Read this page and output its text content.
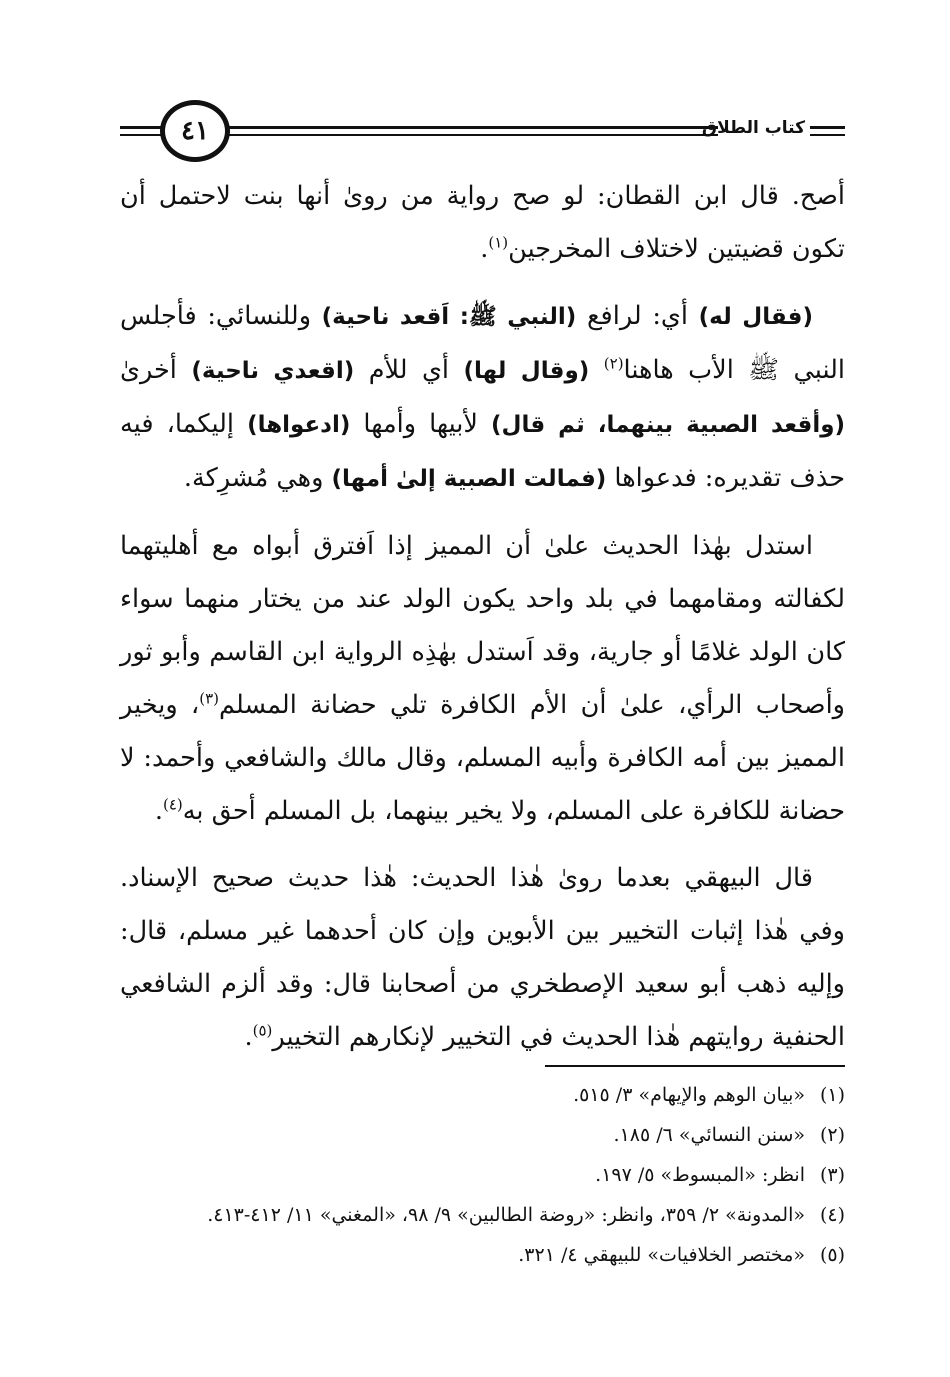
٤١	كتاب الطلاق

أصح. قال ابن القطان: لو صح رواية من روىٰ أنها بنت لاحتمل أن تكون قضيتين لاختلاف المخرجين$^{(١)}$.

(فقال له) أي: لرافع (النبي ﷺ: اَقعد ناحية) وللنسائي: فأجلس النبي ﷺ الأب هاهنا$^{(٢)}$ (وقال لها) أي للأم (اقعدي ناحية) أخرىٰ (وأقعد الصبية بينهما، ثم قال) لأبيها وأمها (ادعواها) إليكما، فيه حذف تقديره: فدعواها (فمالت الصبية إلىٰ أمها) وهي مُشرِكة.

استدل بهٰذا الحديث علىٰ أن المميز إذا اَفترق أبواه مع أهليتهما لكفالته ومقامهما في بلد واحد يكون الولد عند من يختار منهما سواء كان الولد غلامًا أو جارية، وقد اَستدل بهٰذِه الرواية ابن القاسم وأبو ثور وأصحاب الرأي، علىٰ أن الأم الكافرة تلي حضانة المسلم$^{(٣)}$، ويخير المميز بين أمه الكافرة وأبيه المسلم، وقال مالك والشافعي وأحمد: لا حضانة للكافرة على المسلم، ولا يخير بينهما، بل المسلم أحق به$^{(٤)}$.

قال البيهقي بعدما روىٰ هٰذا الحديث: هٰذا حديث صحيح الإسناد. وفي هٰذا إثبات التخيير بين الأبوين وإن كان أحدهما غير مسلم، قال: وإليه ذهب أبو سعيد الإصطخري من أصحابنا قال: وقد ألزم الشافعي الحنفية روايتهم هٰذا الحديث في التخيير لإنكارهم التخيير$^{(٥)}$.

(١)«بيان الوهم والإيهام» ٣/ ٥١٥.
(٢)«سنن النسائي» ٦/ ١٨٥.
(٣)انظر: «المبسوط» ٥/ ١٩٧.
(٤)«المدونة» ٢/ ٣٥٩، وانظر: «روضة الطالبين» ٩/ ٩٨، «المغني» ١١/ ٤١٢-٤١٣.
(٥)«مختصر الخلافيات» للبيهقي ٤/ ٣٢١.
